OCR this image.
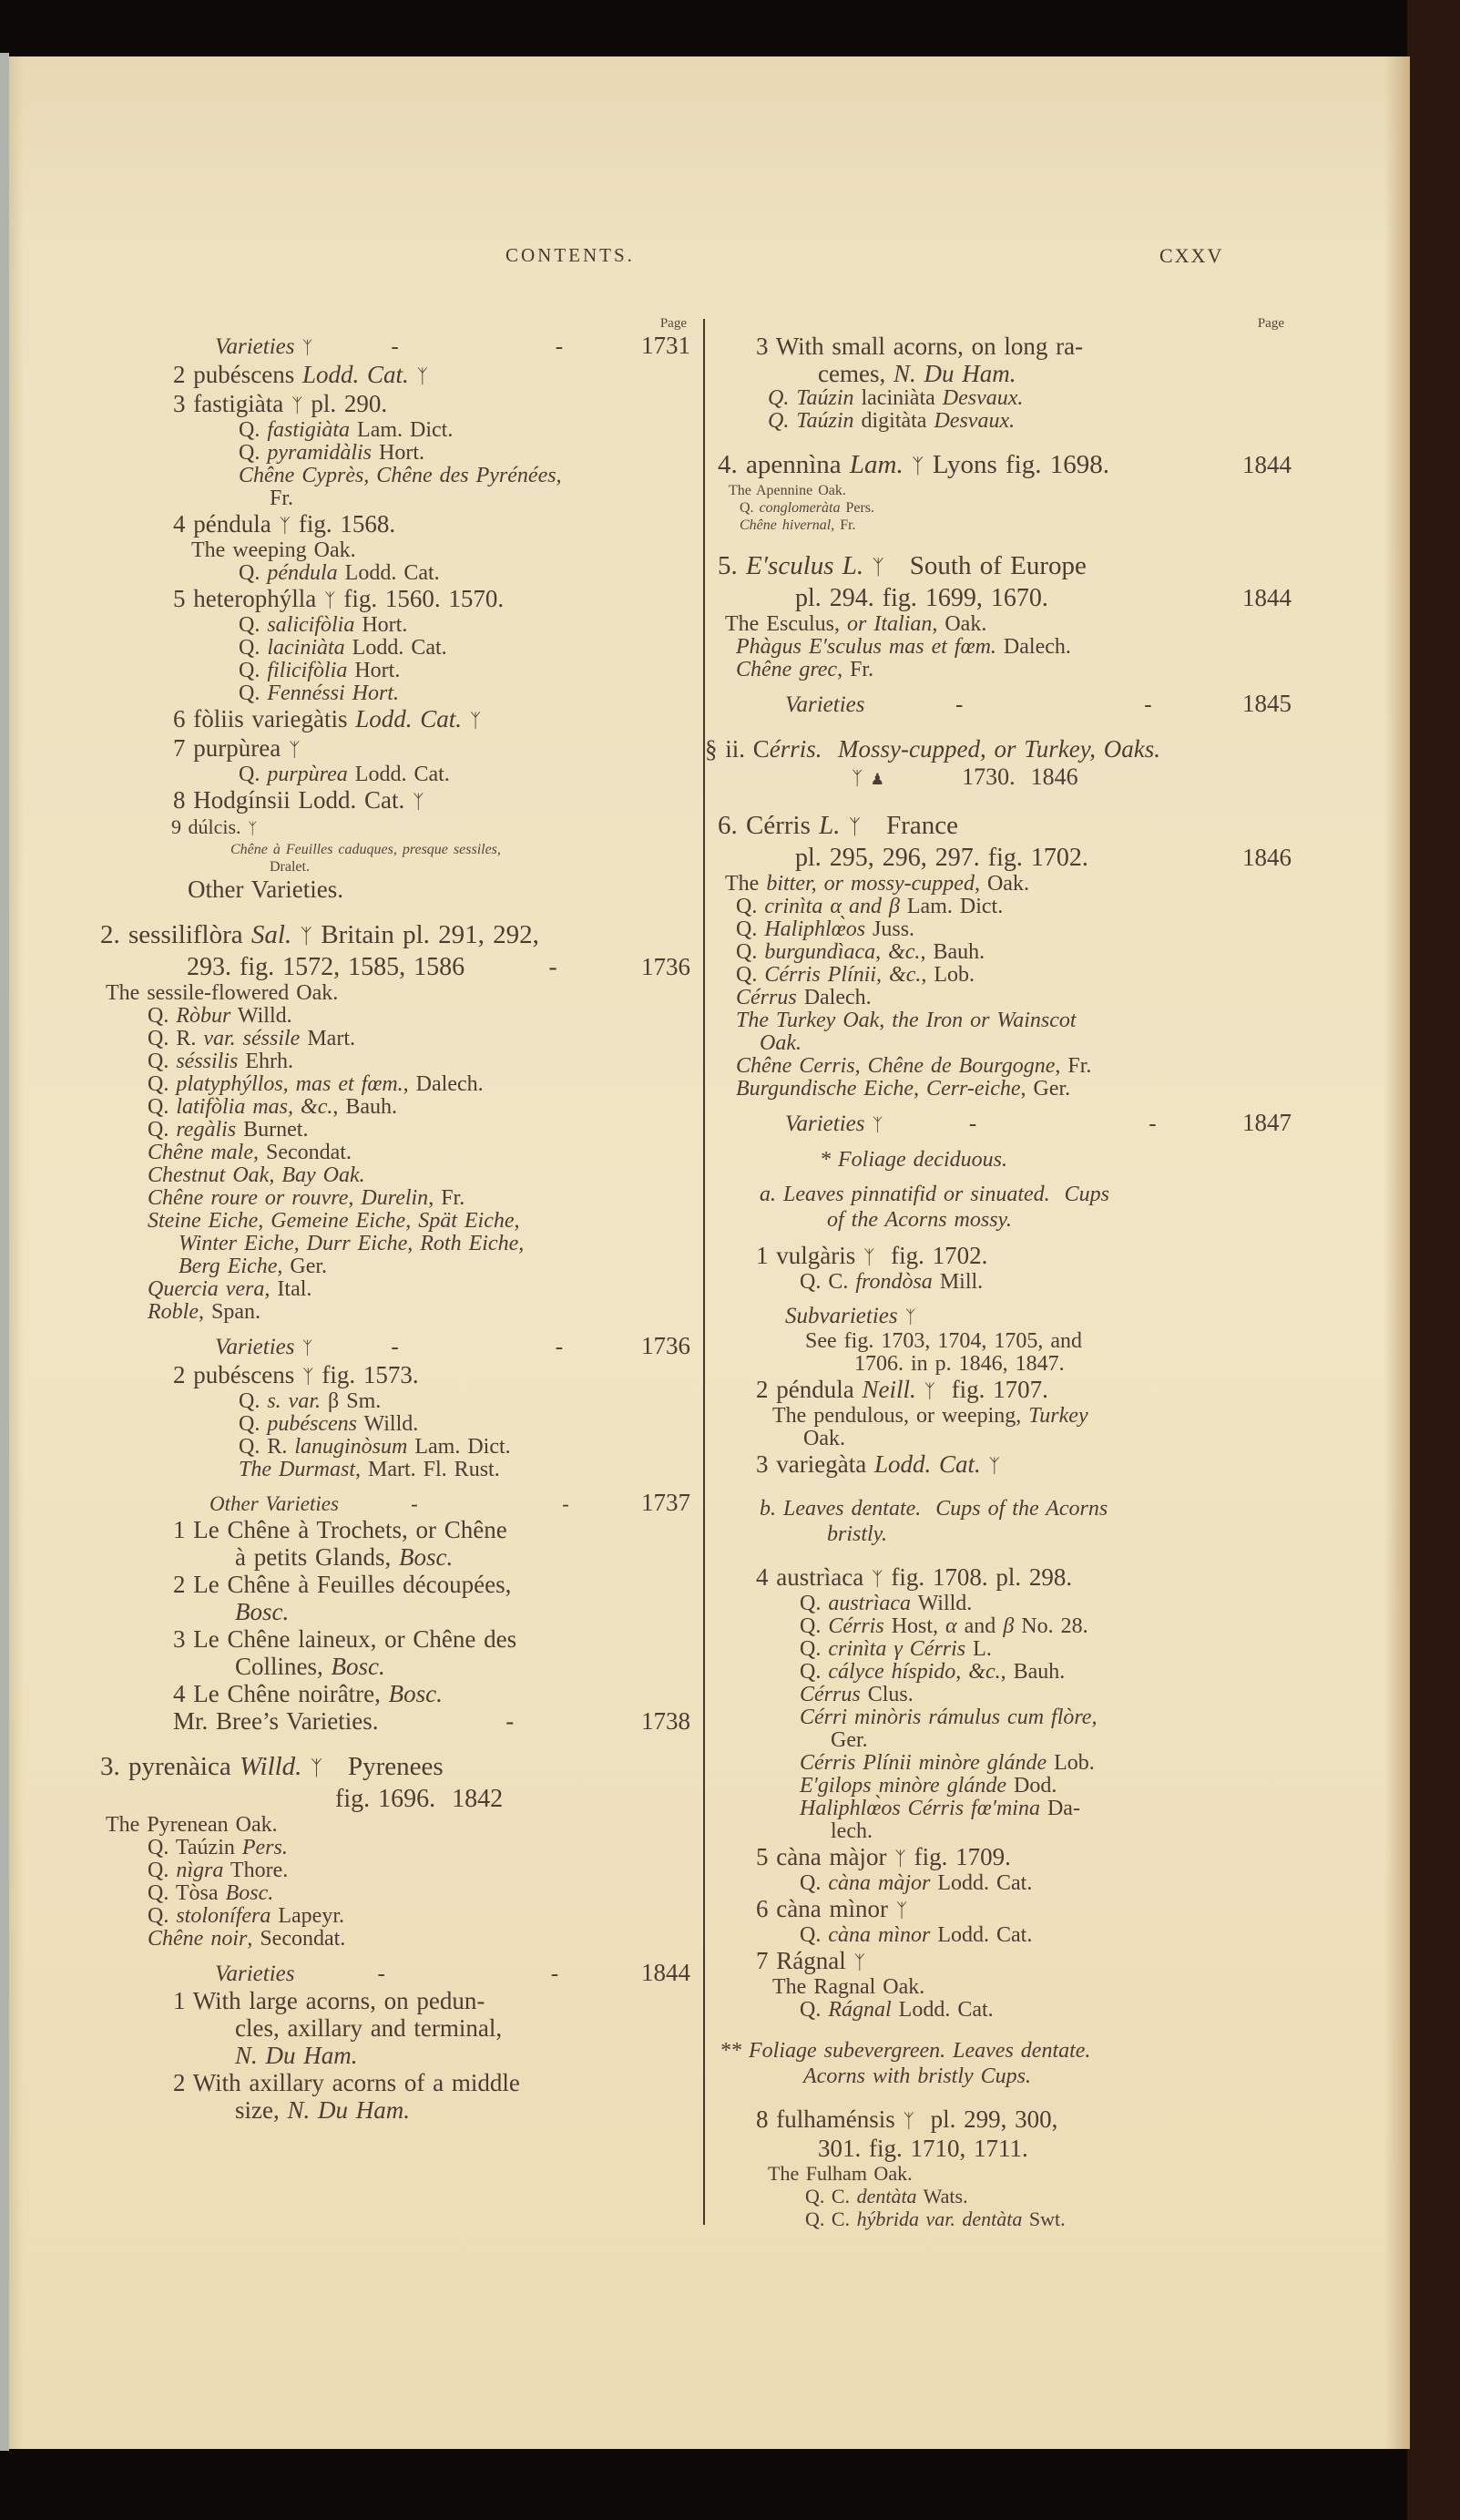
CONTENTS.	CXXV
Page
Varieties ᛉ	-	-	1731
2 pubéscens Lodd. Cat. ᛉ
3 fastigiàta ᛉ pl. 290.
Q. fastigiàta Lam. Dict.
Q. pyramidàlis Hort.
Chêne Cyprès, Chêne des Pyrénées,
Fr.
4 péndula ᛉ fig. 1568.
The weeping Oak.
Q. péndula Lodd. Cat.
5 heterophýlla ᛉ fig. 1560. 1570.
Q. salicifòlia Hort.
Q. laciniàta Lodd. Cat.
Q. filicifòlia Hort.
Q. Fennéssi Hort.
6 fòliis variegàtis Lodd. Cat. ᛉ
7 purpùrea ᛉ
Q. purpùrea Lodd. Cat.
8 Hodgínsii Lodd. Cat. ᛉ
9 dúlcis. ᛉ
Chêne à Feuilles caduques, presque sessiles,
Dralet.
Other Varieties.
2. sessiliflòra Sal. ᛉ Britain pl. 291, 292,
293. fig. 1572, 1585, 1586	-	1736
The sessile-flowered Oak.
Q. Ròbur Willd.
Q. R. var. séssile Mart.
Q. séssilis Ehrh.
Q. platyphýllos, mas et fœm., Dalech.
Q. latifòlia mas, &c., Bauh.
Q. regàlis Burnet.
Chêne male, Secondat.
Chestnut Oak, Bay Oak.
Chêne roure or rouvre, Durelin, Fr.
Steine Eiche, Gemeine Eiche, Spät Eiche,
Winter Eiche, Durr Eiche, Roth Eiche,
Berg Eiche, Ger.
Quercia vera, Ital.
Roble, Span.
Varieties ᛉ	-	-	1736
2 pubéscens ᛉ fig. 1573.
Q. s. var. β Sm.
Q. pubéscens Willd.
Q. R. lanuginòsum Lam. Dict.
The Durmast, Mart. Fl. Rust.
Other Varieties	-	-	1737
1 Le Chêne à Trochets, or Chêne
à petits Glands, Bosc.
2 Le Chêne à Feuilles découpées,
Bosc.
3 Le Chêne laineux, or Chêne des
Collines, Bosc.
4 Le Chêne noirâtre, Bosc.
Mr. Bree’s Varieties.	-	1738
3. pyrenàica Willd. ᛉ   Pyrenees
fig. 1696.  1842
The Pyrenean Oak.
Q. Taúzin Pers.
Q. nìgra Thore.
Q. Tòsa Bosc.
Q. stolonífera Lapeyr.
Chêne noir, Secondat.
Varieties	-	-	1844
1 With large acorns, on pedun-
cles, axillary and terminal,
N. Du Ham.
2 With axillary acorns of a middle
size, N. Du Ham.
Page
3 With small acorns, on long ra-
cemes, N. Du Ham.
Q. Taúzin laciniàta Desvaux.
Q. Taúzin digitàta Desvaux.
4. apennìna Lam. ᛉ Lyons fig. 1698.	1844
The Apennine Oak.
Q. conglomeràta Pers.
Chêne hivernal, Fr.
5. E′sculus L. ᛉ   South of Europe
pl. 294. fig. 1699, 1670.	1844
The Esculus, or Italian, Oak.
Phàgus E′sculus mas et fœm. Dalech.
Chêne grec, Fr.
Varieties	-	-	1845
§ ii. Cérris.  Mossy-cupped, or Turkey, Oaks.
ᛉ ♟          1730.  1846
6. Cérris L. ᛉ   France
pl. 295, 296, 297. fig. 1702.	1846
The bitter, or mossy-cupped, Oak.
Q. crinìta α and β Lam. Dict.
Q. Haliphlœ̀os Juss.
Q. burgundìaca, &c., Bauh.
Q. Cérris Plínii, &c., Lob.
Cérrus Dalech.
The Turkey Oak, the Iron or Wainscot
Oak.
Chêne Cerris, Chêne de Bourgogne, Fr.
Burgundische Eiche, Cerr-eiche, Ger.
Varieties ᛉ	-	-	1847
* Foliage deciduous.
a. Leaves pinnatifid or sinuated.  Cups
of the Acorns mossy.
1 vulgàris ᛉ  fig. 1702.
Q. C. frondòsa Mill.
Subvarieties ᛉ
See fig. 1703, 1704, 1705, and
1706. in p. 1846, 1847.
2 péndula Neill. ᛉ  fig. 1707.
The pendulous, or weeping, Turkey
Oak.
3 variegàta Lodd. Cat. ᛉ
b. Leaves dentate.  Cups of the Acorns
bristly.
4 austrìaca ᛉ fig. 1708. pl. 298.
Q. austrìaca Willd.
Q. Cérris Host, α and β No. 28.
Q. crinìta γ Cérris L.
Q. cályce híspido, &c., Bauh.
Cérrus Clus.
Cérri minòris rámulus cum flòre,
Ger.
Cérris Plínii minòre glánde Lob.
E′gilops minòre glánde Dod.
Haliphlœ̀os Cérris fœ′mina Da-
lech.
5 càna màjor ᛉ fig. 1709.
Q. càna màjor Lodd. Cat.
6 càna mìnor ᛉ
Q. càna mìnor Lodd. Cat.
7 Rágnal ᛉ
The Ragnal Oak.
Q. Rágnal Lodd. Cat.
** Foliage subevergreen. Leaves dentate.
Acorns with bristly Cups.
8 fulhaménsis ᛉ  pl. 299, 300,
301. fig. 1710, 1711.
The Fulham Oak.
Q. C. dentàta Wats.
Q. C. hýbrida var. dentàta Swt.
